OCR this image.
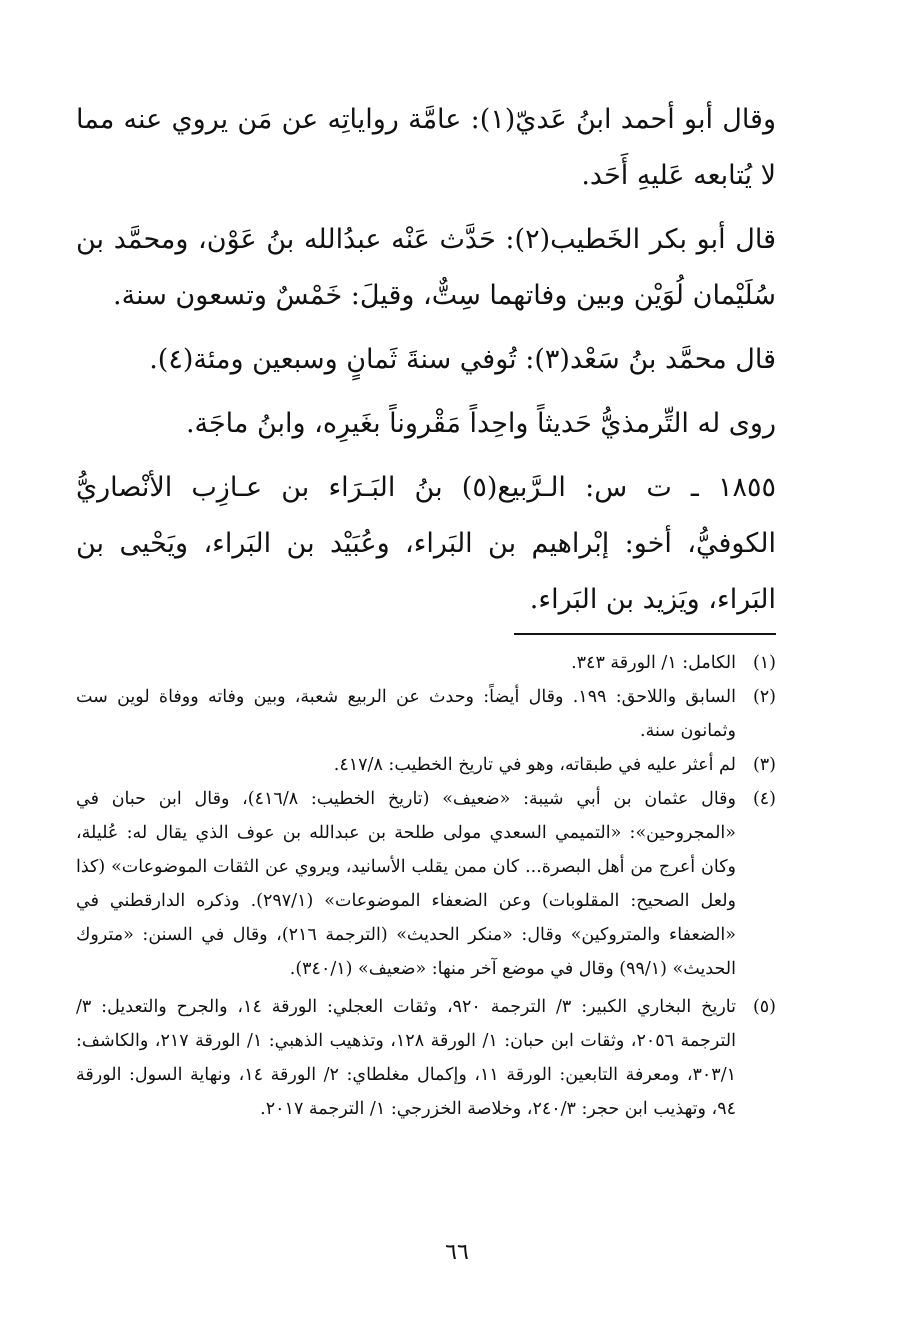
وقال أبو أحمد ابنُ عَديّ(١): عامَّة رواياتِه عن مَن يروي عنه مما لا يُتابعه عَليهِ أَحَد.

قال أبو بكر الخَطيب(٢): حَدَّث عَنْه عبدُالله بنُ عَوْن، ومحمَّد بن سُلَيْمان لُوَيْن وبين وفاتهما سِتٌّ، وقيلَ: خَمْسٌ وتسعون سنة.

قال محمَّد بنُ سَعْد(٣): تُوفي سنةَ ثَمانٍ وسبعين ومئة(٤).

روى له التِّرمذيُّ حَديثاً واحِداً مَقْروناً بغَيرِه، وابنُ ماجَة.

١٨٥٥ ـ ت س: الـرَّبيع(٥) بنُ البَـرَاء بن عـازِب الأنْصاريُّ الكوفيُّ، أخو: إبْراهيم بن البَراء، وعُبَيْد بن البَراء، ويَحْيى بن البَراء، ويَزيد بن البَراء.

(١)
الكامل: ١/ الورقة ٣٤٣.
(٢)
السابق واللاحق: ١٩٩. وقال أيضاً: وحدث عن الربيع شعبة، وبين وفاته ووفاة لوين ست وثمانون سنة.
(٣)
لم أعثر عليه في طبقاته، وهو في تاريخ الخطيب: ٤١٧/٨.
(٤)
وقال عثمان بن أبي شيبة: «ضعيف» (تاريخ الخطيب: ٤١٦/٨)، وقال ابن حبان في «المجروحين»: «التميمي السعدي مولى طلحة بن عبدالله بن عوف الذي يقال له: عُليلة، وكان أعرج من أهل البصرة... كان ممن يقلب الأسانيد، ويروي عن الثقات الموضوعات» (كذا ولعل الصحيح: المقلوبات) وعن الضعفاء الموضوعات» (٢٩٧/١). وذكره الدارقطني في «الضعفاء والمتروكين» وقال: «منكر الحديث» (الترجمة ٢١٦)، وقال في السنن: «متروك الحديث» (٩٩/١) وقال في موضع آخر منها: «ضعيف» (٣٤٠/١).
(٥)
تاريخ البخاري الكبير: ٣/ الترجمة ٩٢٠، وثقات العجلي: الورقة ١٤، والجرح والتعديل: ٣/ الترجمة ٢٠٥٦، وثقات ابن حبان: ١/ الورقة ١٢٨، وتذهيب الذهبي: ١/ الورقة ٢١٧، والكاشف: ٣٠٣/١، ومعرفة التابعين: الورقة ١١، وإكمال مغلطاي: ٢/ الورقة ١٤، ونهاية السول: الورقة ٩٤، وتهذيب ابن حجر: ٢٤٠/٣، وخلاصة الخزرجي: ١/ الترجمة ٢٠١٧.
٦٦
